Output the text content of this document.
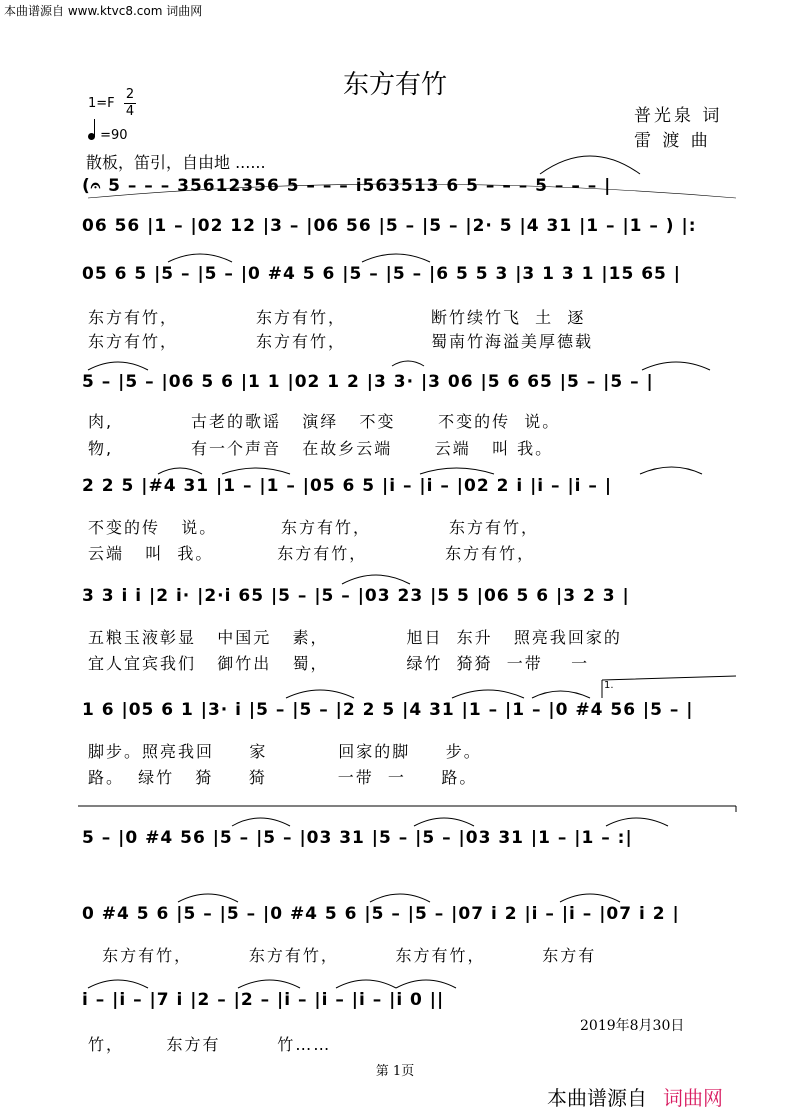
本曲谱源自 www.ktvc8.com 词曲网
东方有竹
1=F
2
4
=90
普光泉 词
雷 渡 曲
散板，笛引，自由地 ......
(𝄐 5 – – – 35612356 5 – – – i563513 6 5 – – – 5 – – – |
06 56 |1 – |02 12 |3 – |06 56 |5 – |5 – |2· 5 |4 31 |1 – |1 – ) |:
05 6 5 |5 – |5 – |0 #4 5 6 |5 – |5 – |6 5 5 3 |3 1 3 1 |15 65 |
东方有竹，           东方有竹，            断竹续竹飞  土  逐
东方有竹，           东方有竹，            蜀南竹海溢美厚德载
5 – |5 – |06 5 6 |1 1 |02 1 2 |3 3· |3 06 |5 6 65 |5 – |5 – |
肉,           古老的歌谣   演绎   不变      不变的传  说。
物,           有一个声音   在故乡云端      云端   叫 我。
2 2 5 |#4 31 |1 – |1 – |05 6 5 |i – |i – |02 2 i |i – |i – |
不变的传   说。         东方有竹，           东方有竹，
云端   叫  我。         东方有竹，           东方有竹，
3 3 i i |2 i· |2·i 65 |5 – |5 – |03 23 |5 5 |06 5 6 |3 2 3 |
五粮玉液彰显   中国元   素，           旭日  东升   照亮我回家的
宜人宜宾我们   御竹出   蜀，           绿竹  猗猗  一带    一
1 6 |05 6 1 |3· i |5 – |5 – |2 2 5 |4 31 |1 – |1 – |0 #4 56 |5 – |
1.
脚步。照亮我回     家          回家的脚     步。
路。  绿竹   猗     猗          一带  一     路。
5 – |0 #4 56 |5 – |5 – |03 31 |5 – |5 – |03 31 |1 – |1 – :|
0 #4 5 6 |5 – |5 – |0 #4 5 6 |5 – |5 – |07 i 2 |i – |i – |07 i 2 |
东方有竹，        东方有竹，        东方有竹，        东方有
i – |i – |7 i |2 – |2 – |i – |i – |i – |i 0 ||
竹，      东方有        竹……
2019年8月30日
第 1页
本曲谱源自 词曲网
